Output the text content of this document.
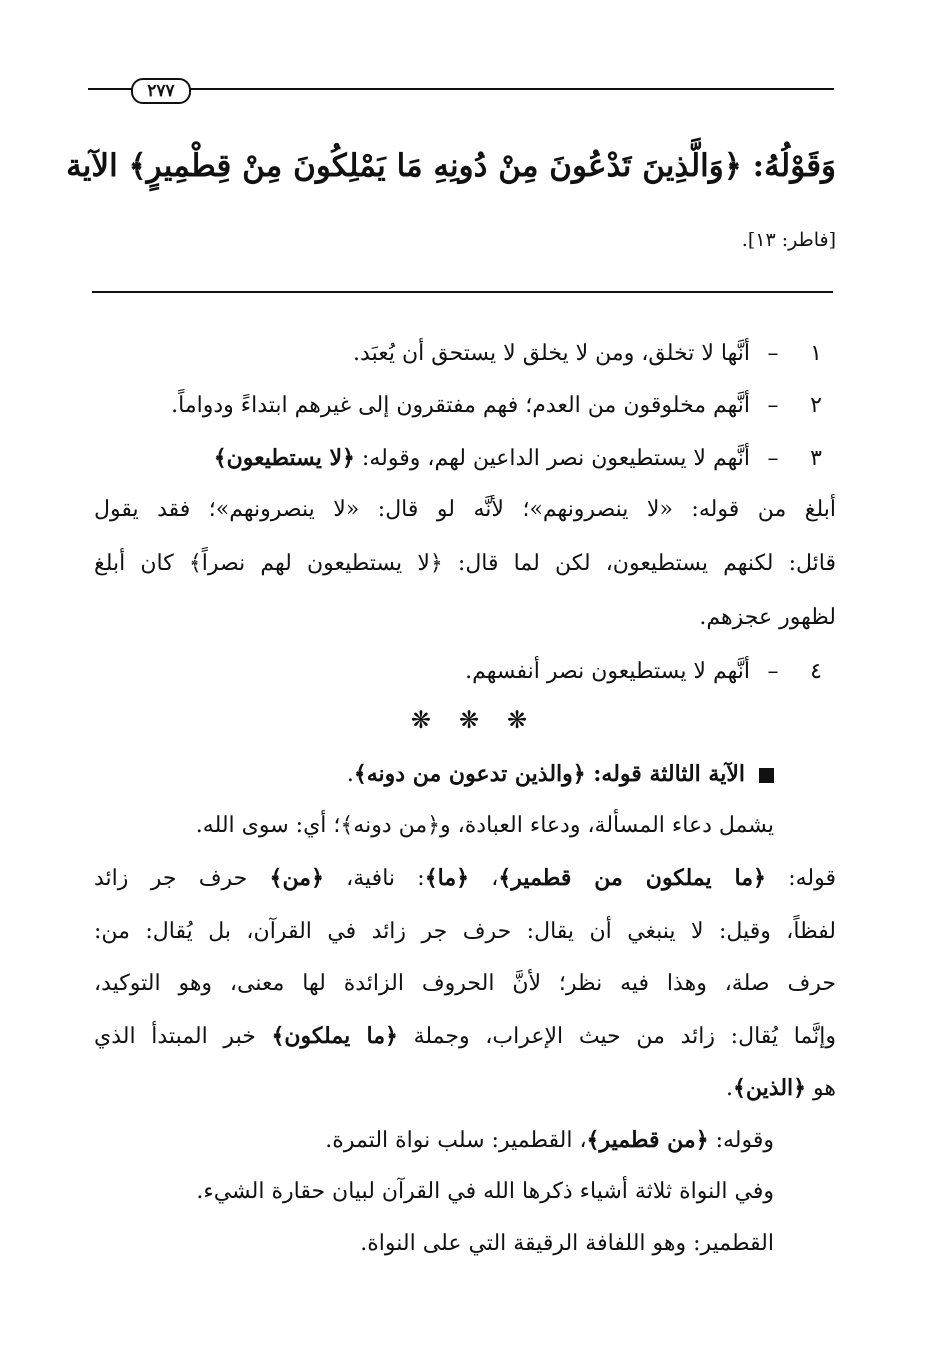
٢٧٧
وَقَوْلُهُ: ﴿وَالَّذِينَ تَدْعُونَ مِنْ دُونِهِ مَا يَمْلِكُونَ مِنْ قِطْمِيرٍ﴾ الآية
[فاطر: ١٣].
١–أنَّها لا تخلق، ومن لا يخلق لا يستحق أن يُعبَد.
٢–أنَّهم مخلوقون من العدم؛ فهم مفتقرون إلى غيرهم ابتداءً ودواماً.
٣–أنَّهم لا يستطيعون نصر الداعين لهم، وقوله: ﴿لا يستطيعون﴾
أبلغ من قوله: «لا ينصرونهم»؛ لأنَّه لو قال: «لا ينصرونهم»؛ فقد يقول
قائل: لكنهم يستطيعون، لكن لما قال: ﴿لا يستطيعون لهم نصراً﴾ كان أبلغ
لظهور عجزهم.
٤–أنَّهم لا يستطيعون نصر أنفسهم.
❋ ❋ ❋
الآية الثالثة قوله: ﴿والذين تدعون من دونه﴾.
يشمل دعاء المسألة، ودعاء العبادة، و﴿من دونه﴾؛ أي: سوى الله.
قوله: ﴿ما يملكون من قطمير﴾، ﴿ما﴾: نافية، ﴿من﴾ حرف جر زائد
لفظاً، وقيل: لا ينبغي أن يقال: حرف جر زائد في القرآن، بل يُقال: من:
حرف صلة، وهذا فيه نظر؛ لأنَّ الحروف الزائدة لها معنى، وهو التوكيد،
وإنَّما يُقال: زائد من حيث الإعراب، وجملة ﴿ما يملكون﴾ خبر المبتدأ الذي
هو ﴿الذين﴾.
وقوله: ﴿من قطمير﴾، القطمير: سلب نواة التمرة.
وفي النواة ثلاثة أشياء ذكرها الله في القرآن لبيان حقارة الشيء.
القطمير: وهو اللفافة الرقيقة التي على النواة.
